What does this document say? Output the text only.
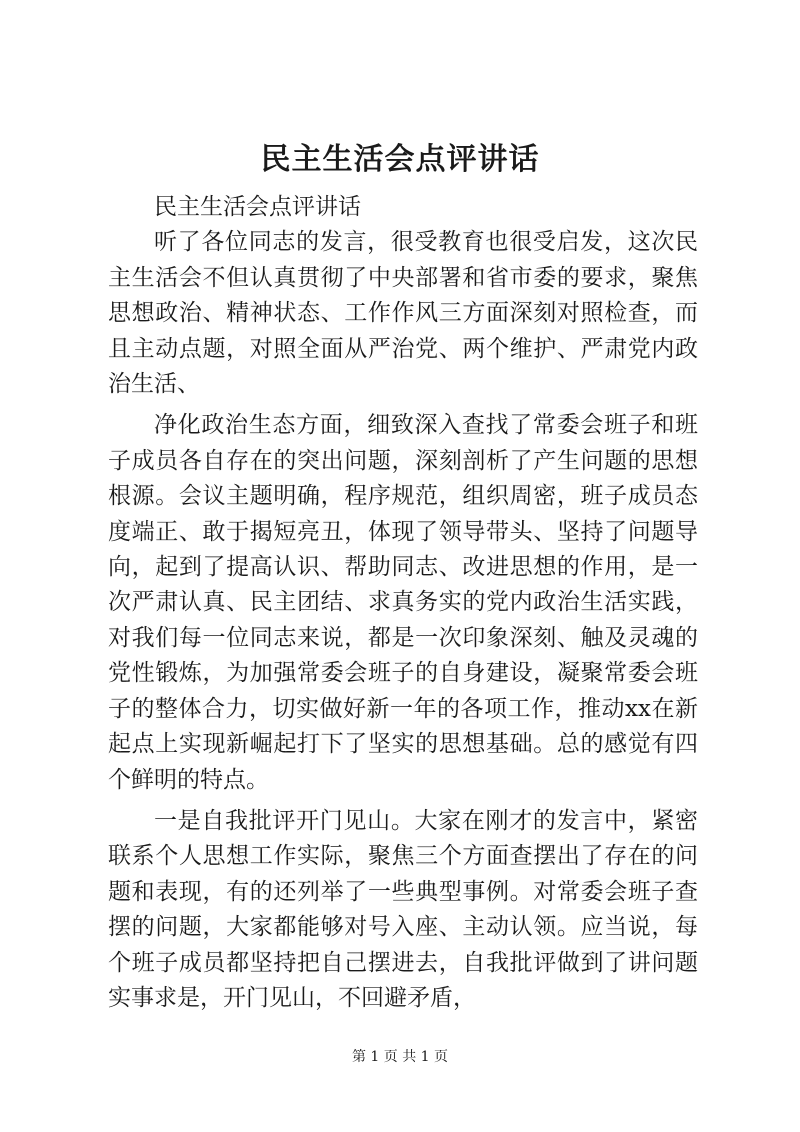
民主生活会点评讲话

民主生活会点评讲话

听了各位同志的发言，很受教育也很受启发，这次民主生活会不但认真贯彻了中央部署和省市委的要求，聚焦思想政治、精神状态、工作作风三方面深刻对照检查，而且主动点题，对照全面从严治党、两个维护、严肃党内政治生活、

净化政治生态方面，细致深入查找了常委会班子和班子成员各自存在的突出问题，深刻剖析了产生问题的思想根源。会议主题明确，程序规范，组织周密，班子成员态度端正、敢于揭短亮丑，体现了领导带头、坚持了问题导向，起到了提高认识、帮助同志、改进思想的作用，是一次严肃认真、民主团结、求真务实的党内政治生活实践，对我们每一位同志来说，都是一次印象深刻、触及灵魂的党性锻炼，为加强常委会班子的自身建设，凝聚常委会班子的整体合力，切实做好新一年的各项工作，推动xx在新起点上实现新崛起打下了坚实的思想基础。总的感觉有四个鲜明的特点。

一是自我批评开门见山。大家在刚才的发言中，紧密联系个人思想工作实际，聚焦三个方面查摆出了存在的问题和表现，有的还列举了一些典型事例。对常委会班子查摆的问题，大家都能够对号入座、主动认领。应当说，每个班子成员都坚持把自己摆进去，自我批评做到了讲问题实事求是，开门见山，不回避矛盾，

第 1 页 共 1 页
